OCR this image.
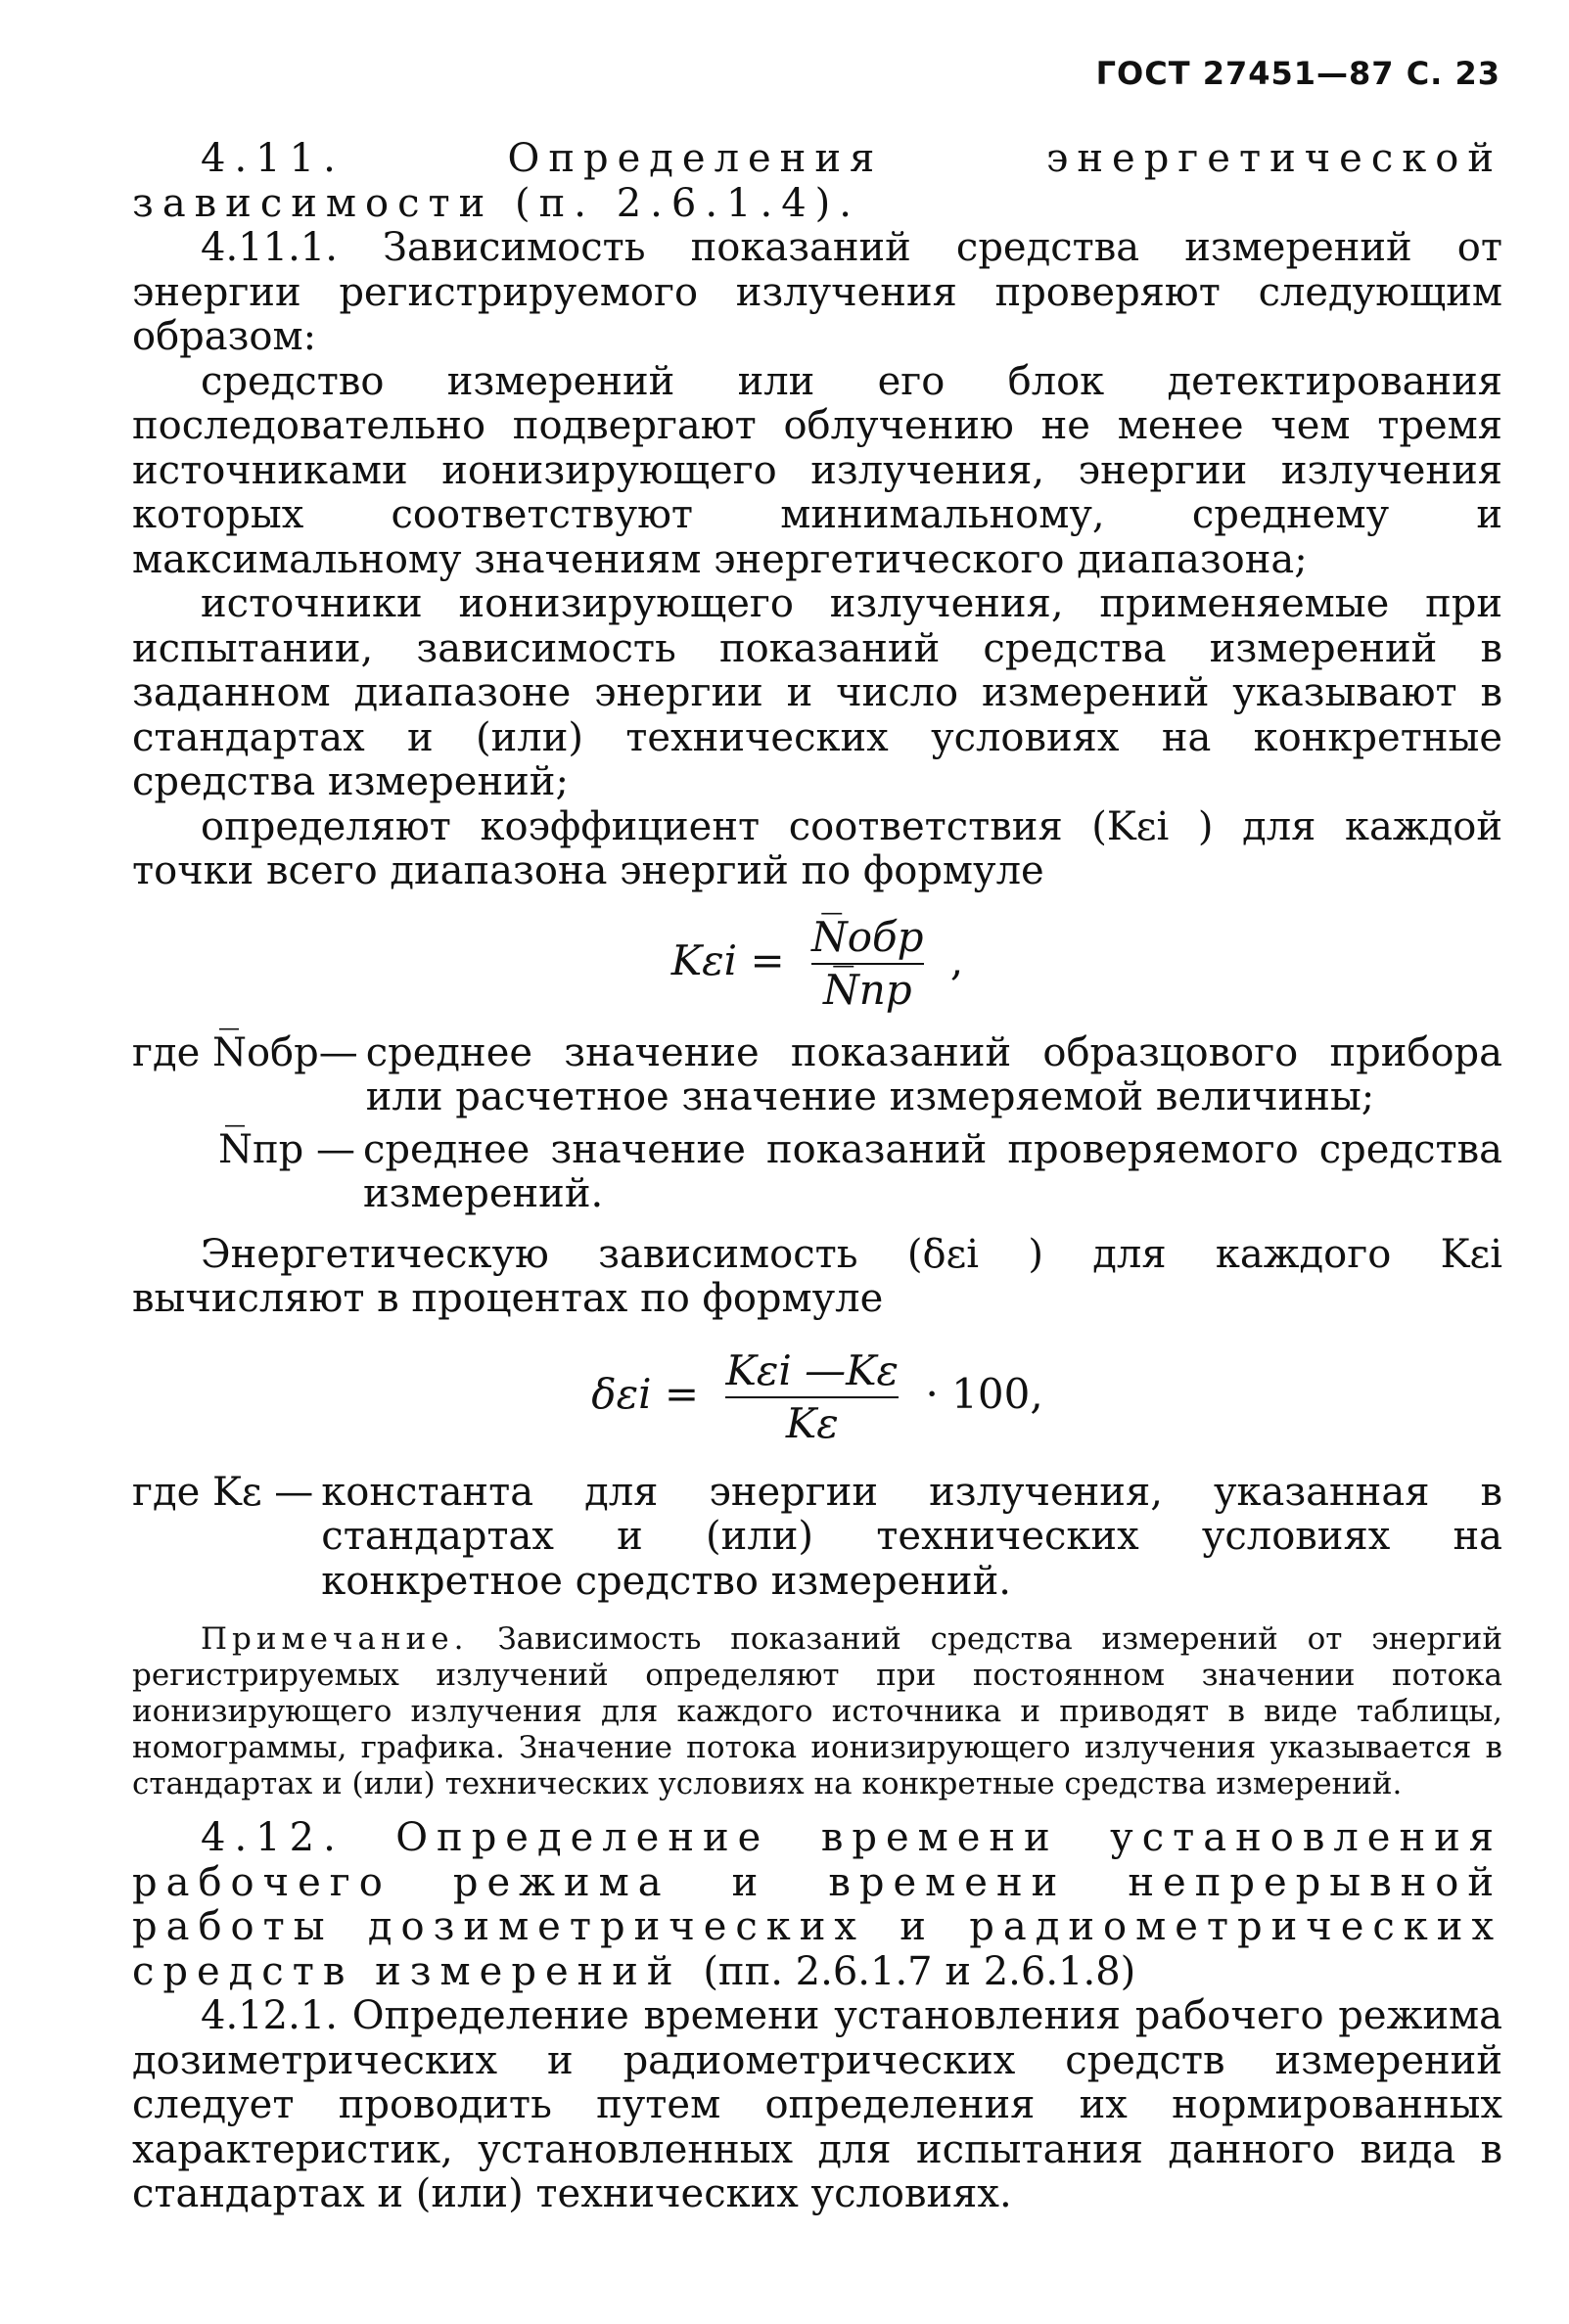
ГОСТ 27451—87 С. 23

4.11. Определения энергетической зависимости (п. 2.6.1.4).

4.11.1. Зависимость показаний средства измерений от энергии регистрируемого излучения проверяют следующим образом:

средство измерений или его блок детектирования последовательно подвергают облучению не менее чем тремя источниками ионизирующего излучения, энергии излучения которых соответствуют минимальному, среднему и максимальному значениям энергетического диапазона;

источники ионизирующего излучения, применяемые при испытании, зависимость показаний средства измерений в заданном диапазоне энергии и число измерений указывают в стандартах и (или) технических условиях на конкретные средства измерений;

определяют коэффициент соответствия (Kεi ) для каждой точки всего диапазона энергий по формуле

$K\varepsilon i = \frac{\text{N̅обр}}{N̅пр}$ ,
где N̅обр— среднее значение показаний образцового прибора или расчетное значение измеряемой величины;
N̅пр — среднее значение показаний проверяемого средства измерений.

Энергетическую зависимость (δεi ) для каждого Kεi вычисляют в процентах по формуле

$\delta\varepsilon i = \frac{\text{Kεi —Kε}}{K\varepsilon} \cdot 100$,
где Kε — константа для энергии излучения, указанная в стандартах и (или) технических условиях на конкретное средство измерений.

Примечание. Зависимость показаний средства измерений от энергий регистрируемых излучений определяют при постоянном значении потока ионизирующего излучения для каждого источника и приводят в виде таблицы, номограммы, графика. Значение потока ионизирующего излучения указывается в стандартах и (или) технических условиях на конкретные средства измерений.

4.12. Определение времени установления рабочего режима и времени непрерывной работы дозиметрических и радиометрических средств измерений (пп. 2.6.1.7 и 2.6.1.8)

4.12.1. Определение времени установления рабочего режима дозиметрических и радиометрических средств измерений следует проводить путем определения их нормированных характеристик, установленных для испытания данного вида в стандартах и (или) технических условиях.
